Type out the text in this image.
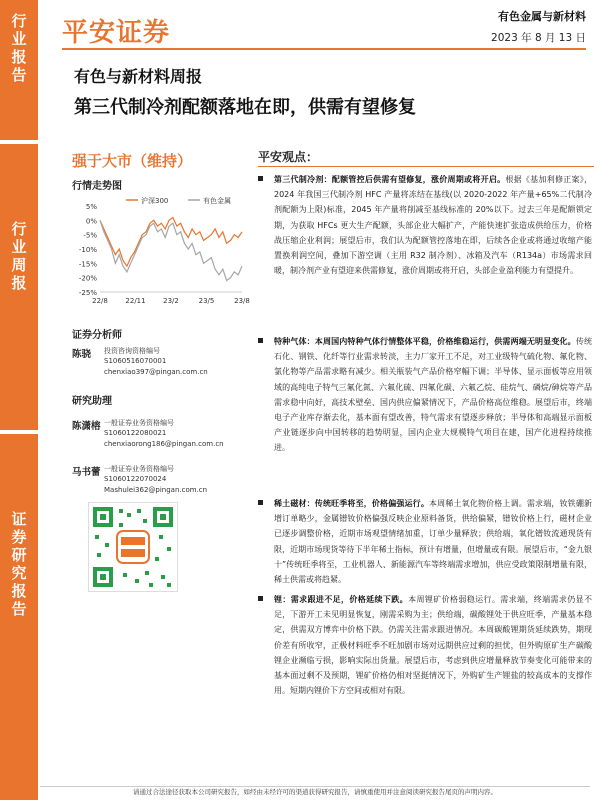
行
业
报
告
行
业
周
报
证
券
研
究
报
告
平安证券
有色金属与新材料
2023 年 8 月 13 日
有色与新材料周报
第三代制冷剂配额落地在即，供需有望修复
强于大市（维持）
行情走势图
5%
0%
-5%
-10%
-15%
-20%
-25%
22/8	22/11	23/2	23/5	23/8
沪深300	有色金属
证券分析师
陈骁	投资咨询资格编号
S1060516070001
chenxiao397@pingan.com.cn
研究助理
陈潇榕 一般证券业务资格编号
S1060122080021
chenxiaorong186@pingan.com.cn
马书蕾 一般证券业务资格编号
S1060122070024
Mashulei362@pingan.com.cn
平安观点：
第三代制冷剂：配额管控后供需有望修复，涨价周期或将开启。根据《基加利修正案》，2024 年我国三代制冷剂 HFC 产量将冻结在基线(以 2020-2022 年产量+65%二代制冷剂配额为上限)标准，2045 年产量将削减至基线标准的 20%以下。过去三年是配额锁定期，为获取 HFCs 更大生产配额，头部企业大幅扩产，产能快速扩张造成供给压力，价格战压缩企业利润；展望后市，我们认为配额管控落地在即，后续各企业或将通过收缩产能置换利润空间，叠加下游空调（主用 R32 制冷剂）、冰箱及汽车（R134a）市场需求回暖，制冷剂产业有望迎来供需修复，涨价周期或将开启，头部企业盈利能力有望提升。
特种气体：本周国内特种气体行情整体平稳，价格维稳运行，供需两端无明显变化。传统石化、钢铁、化纤等行业需求转淡，主力厂家开工不足，对工业级特气硫化物、氟化物、氯化物等产品需求略有减少。相关瓶装气产品价格窄幅下调；半导体、显示面板等应用领域的高纯电子特气三氟化氮、六氟化硫、四氟化碳、六氟乙烷、硅烷气、磷烷/砷烷等产品需求稳中向好，高技术壁垒、国内供应偏紧情况下，产品价格高位维稳。展望后市，终端电子产业库存渐去化，基本面有望改善，特气需求有望逐步释放；半导体和高端显示面板产业链逐步向中国转移的趋势明显，国内企业大规模特气项目在建，国产化进程持续推进。
稀土磁材：传统旺季将至，价格偏强运行。本周稀土氧化物价格上调。需求端，钕铁硼新增订单略少，金属镨钕价格偏强反映企业原料备货，供给偏紧，镨钕价格上行，磁材企业已逐步调整价格，近期市场观望情绪加重，订单少量释放；供给端，氧化镨钕流通现货有限，近期市场现货等待下半年稀土指标，预计有增量，但增量或有限。展望后市，“金九银十”传统旺季将至，工业机器人、新能源汽车等终端需求增加，供应受政策限制增量有限，稀土供需或将趋紧。
锂：需求跟进不足，价格延续下跌。本周锂矿价格弱稳运行。需求端，终端需求仍显不足，下游开工未见明显恢复，刚需采购为主；供给端，碳酸锂处于供应旺季，产量基本稳定，供需双方博弈中价格下跌。仍需关注需求跟进情况。本周碳酸锂期货延续跌势，期现价差有所收窄，正极材料旺季不旺加剧市场对远期供应过剩的担忧，但外购原矿生产碳酸锂企业濒临亏损，影响实际出货量。展望后市，考虑到供应增量释放节奏变化可能带来的基本面过剩不及预期，锂矿价格仍相对坚挺情况下，外购矿生产锂盐的较高成本的支撑作用。短期内锂价下方空间或相对有限。
请通过合法途径获取本公司研究报告，如经由未经许可的渠道获得研究报告，请慎重使用并注意阅读研究报告尾页的声明内容。
